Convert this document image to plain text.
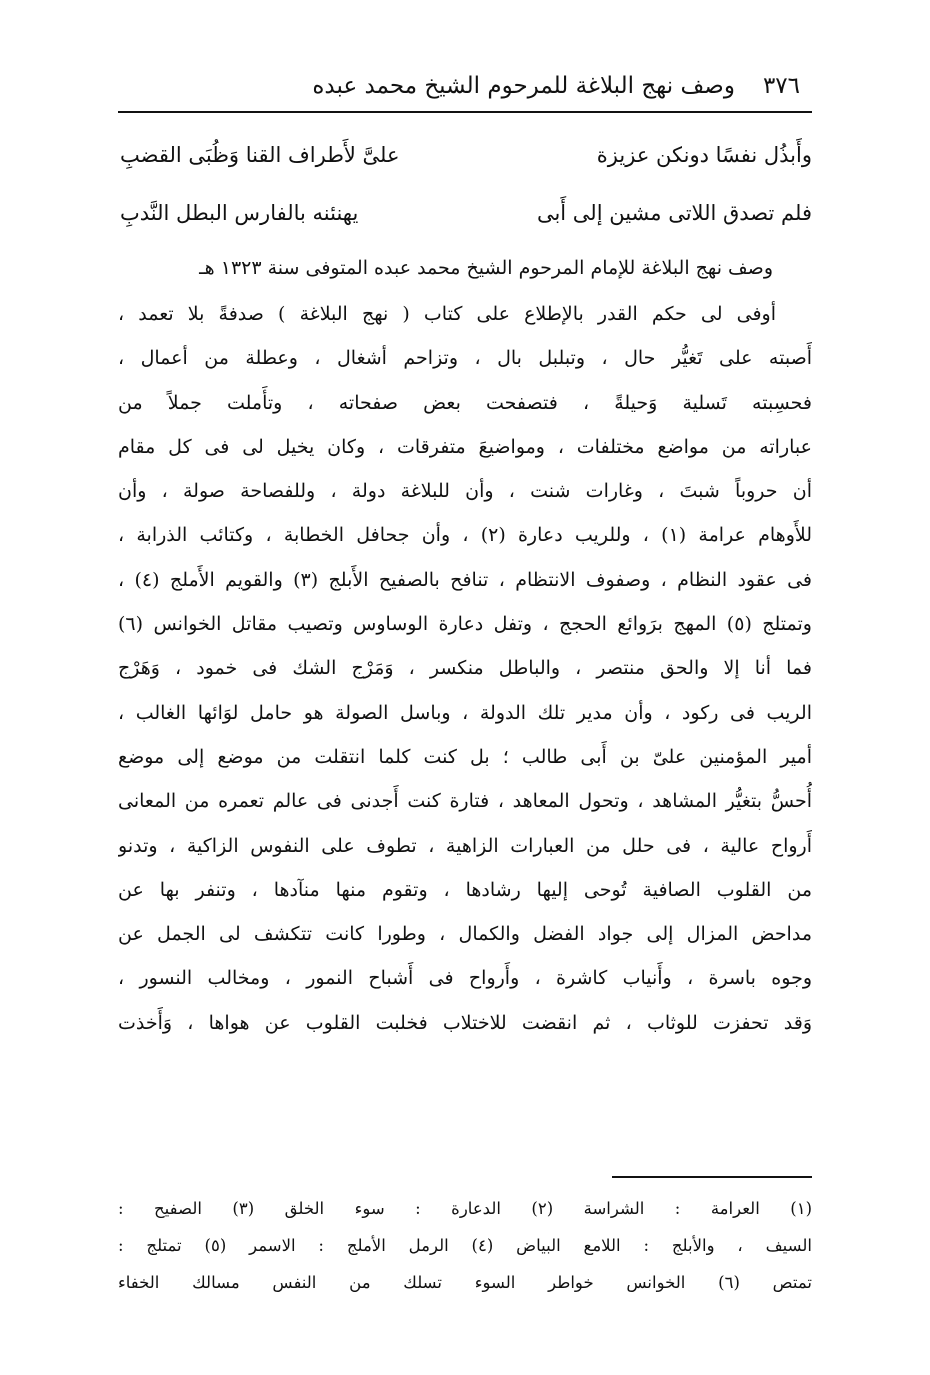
٣٧٦
وصف نهج البلاغة للمرحوم الشيخ محمد عبده
وأَبذُل نفسًا دونكن عزيزة
علىَّ لأَطراف القنا وَظُبَى القضبِ
فلم تصدق اللاتى مشين إلى أَبى
يهنئنه بالفارس البطل النَّدبِ
وصف نهج البلاغة للإمام المرحوم الشيخ محمد عبده المتوفى سنة ١٣٢٣ هـ
أوفى لى حكم القدر بالإطلاع على كتاب ( نهج البلاغة ) صدفةً بلا تعمد ،
أَصبته على تَغيُّر حال ، وتبلبل بال ، وتزاحم أشغال ، وعطلة من أعمال ،
فحسِبته تَسلية وَحيلةً ، فتصفحت بعض صفحاته ، وتأَملت جملاً من
عباراته من مواضع مختلفات ، ومواضيعَ متفرقات ، وكان يخيل لى فى كل مقام
أن حروباً شبتَ ، وغارات شنت ، وأن للبلاغة دولة ، وللفصاحة صولة ، وأن
للأَوهام عرامة (١) ، وللريب دعارة (٢) ، وأن جحافل الخطابة ، وكتائب الذرابة ،
فى عقود النظام ، وصفوف الانتظام ، تنافح بالصفيح الأَبلج (٣) والقويم الأَملج (٤) ،
وتمتلج (٥) المهج برَوائع الحجج ، وتفل دعارة الوساوس وتصيب مقاتل الخوانس (٦)
فما أنا إلا والحق منتصر ، والباطل منكسر ، وَمَرْج الشك فى خمود ، وَهَرْج
الريب فى ركود ، وأن مدير تلك الدولة ، وباسل الصولة هو حامل لوَائها الغالب ،
أمير المؤمنين علىّ بن أَبى طالب ؛ بل كنت كلما انتقلت من موضع إلى موضع
أُحسُّ بتغيُّر المشاهد ، وتحول المعاهد ، فتارة كنت أَجدنى فى عالم تعمره من المعانى
أَرواح عالية ، فى حلل من العبارات الزاهية ، تطوف على النفوس الزاكية ، وتدنو
من القلوب الصافية تُوحى إليها رشادها ، وتقوم منها منآدها ، وتنفر بها عن
مداحض المزال إلى جواد الفضل والكمال ، وطورا كانت تتكشف لى الجمل عن
وجوه باسرة ، وأَنياب كاشرة ، وأَرواح فى أَشباح النمور ، ومخالب النسور ،
وَقد تحفزت للوثاب ، ثم انقضت للاختلاب فخلبت القلوب عن هواها ، وَأَخذت
(١) العرامة : الشراسة (٢) الدعارة : سوء الخلق (٣) الصفيح :
السيف ، والأبلج : اللامع البياض (٤) الرمل الأملج : الاسمر (٥) تمتلج :
تمتص (٦) الخوانس خواطر السوء تسلك من النفس مسالك الخفاء
